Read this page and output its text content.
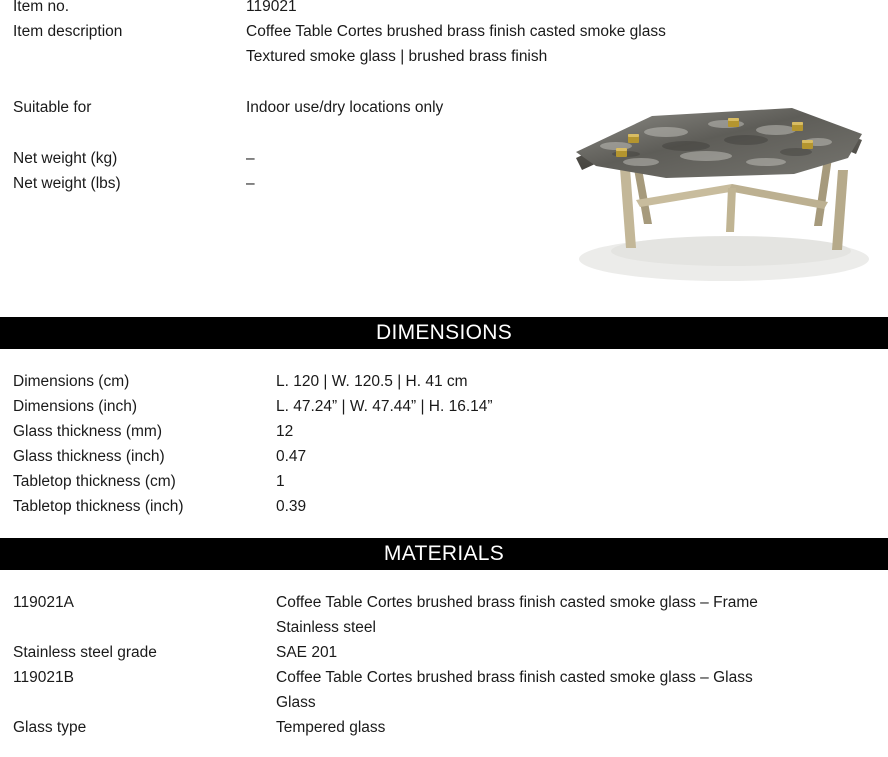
Item no.	119021
Item description	Coffee Table Cortes brushed brass finish casted smoke glass
Textured smoke glass | brushed brass finish
Suitable for	Indoor use/dry locations only
Net weight (kg)	–
Net weight (lbs)	–
DIMENSIONS
Dimensions (cm)	L. 120 | W. 120.5 | H. 41 cm
Dimensions (inch)	L. 47.24” | W. 47.44” | H. 16.14”
Glass thickness (mm)	12
Glass thickness (inch)	0.47
Tabletop thickness (cm)	1
Tabletop thickness (inch)	0.39
MATERIALS
119021A	Coffee Table Cortes brushed brass finish casted smoke glass – Frame
Stainless steel
Stainless steel grade	SAE 201
119021B	Coffee Table Cortes brushed brass finish casted smoke glass – Glass
Glass
Glass type	Tempered glass
